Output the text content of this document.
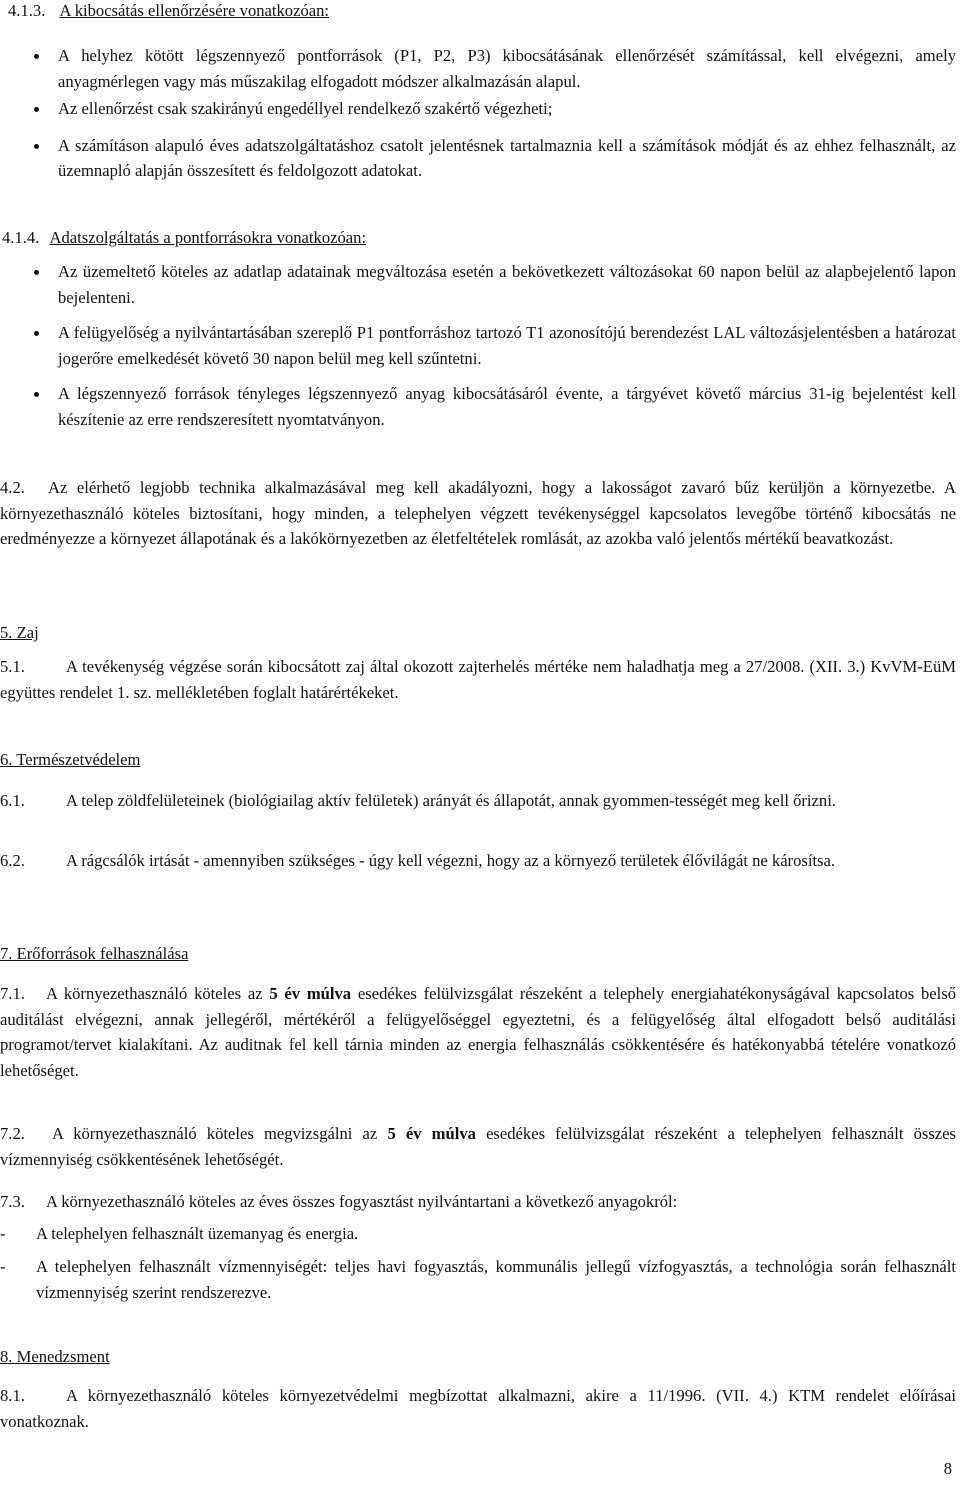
4.1.3. A kibocsátás ellenőrzésére vonatkozóan:
A helyhez kötött légszennyező pontforrások (P1, P2, P3) kibocsátásának ellenőrzését számítással, kell elvégezni, amely anyagmérlegen vagy más műszakilag elfogadott módszer alkalmazásán alapul.
Az ellenőrzést csak szakirányú engedéllyel rendelkező szakértő végezheti;
A számításon alapuló éves adatszolgáltatáshoz csatolt jelentésnek tartalmaznia kell a számítások módját és az ehhez felhasznált, az üzemnapló alapján összesített és feldolgozott adatokat.
4.1.4. Adatszolgáltatás a pontforrásokra vonatkozóan:
Az üzemeltető köteles az adatlap adatainak megváltozása esetén a bekövetkezett változásokat 60 napon belül az alapbejelentő lapon bejelenteni.
A felügyelőség a nyilvántartásában szereplő P1 pontforráshoz tartozó T1 azonosítójú berendezést LAL változásjelentésben a határozat jogerőre emelkedését követő 30 napon belül meg kell szűntetni.
A légszennyező források tényleges légszennyező anyag kibocsátásáról évente, a tárgyévet követő március 31-ig bejelentést kell készítenie az erre rendszeresített nyomtatványon.
4.2. Az elérhető legjobb technika alkalmazásával meg kell akadályozni, hogy a lakosságot zavaró bűz kerüljön a környezetbe. A környezethasználó köteles biztosítani, hogy minden, a telephelyen végzett tevékenységgel kapcsolatos levegőbe történő kibocsátás ne eredményezze a környezet állapotának és a lakókörnyezetben az életfeltételek romlását, az azokba való jelentős mértékű beavatkozást.
5. Zaj
5.1. A tevékenység végzése során kibocsátott zaj által okozott zajterhelés mértéke nem haladhatja meg a 27/2008. (XII. 3.) KvVM-EüM együttes rendelet 1. sz. mellékletében foglalt határértékeket.
6. Természetvédelem
6.1. A telep zöldfelületeinek (biológiailag aktív felületek) arányát és állapotát, annak gyommen-tességét meg kell őrizni.
6.2. A rágcsálók irtását - amennyiben szükséges - úgy kell végezni, hogy az a környező területek élővilágát ne károsítsa.
7. Erőforrások felhasználása
7.1. A környezethasználó köteles az 5 év múlva esedékes felülvizsgálat részeként a telephely energiahatékonyságával kapcsolatos belső auditálást elvégezni, annak jellegéről, mértékéről a felügyelőséggel egyeztetni, és a felügyelőség által elfogadott belső auditálási programot/tervet kialakítani. Az auditnak fel kell tárnia minden az energia felhasználás csökkentésére és hatékonyabbá tételére vonatkozó lehetőséget.
7.2. A környezethasználó köteles megvizsgálni az 5 év múlva esedékes felülvizsgálat részeként a telephelyen felhasznált összes vízmennyiség csökkentésének lehetőségét.
7.3. A környezethasználó köteles az éves összes fogyasztást nyilvántartani a következő anyagokról:
- A telephelyen felhasznált üzemanyag és energia.
- A telephelyen felhasznált vízmennyiségét: teljes havi fogyasztás, kommunális jellegű vízfogyasztás, a technológia során felhasznált vízmennyiség szerint rendszerezve.
8. Menedzsment
8.1. A környezethasználó köteles környezetvédelmi megbízottat alkalmazni, akire a 11/1996. (VII. 4.) KTM rendelet előírásai vonatkoznak.
8
